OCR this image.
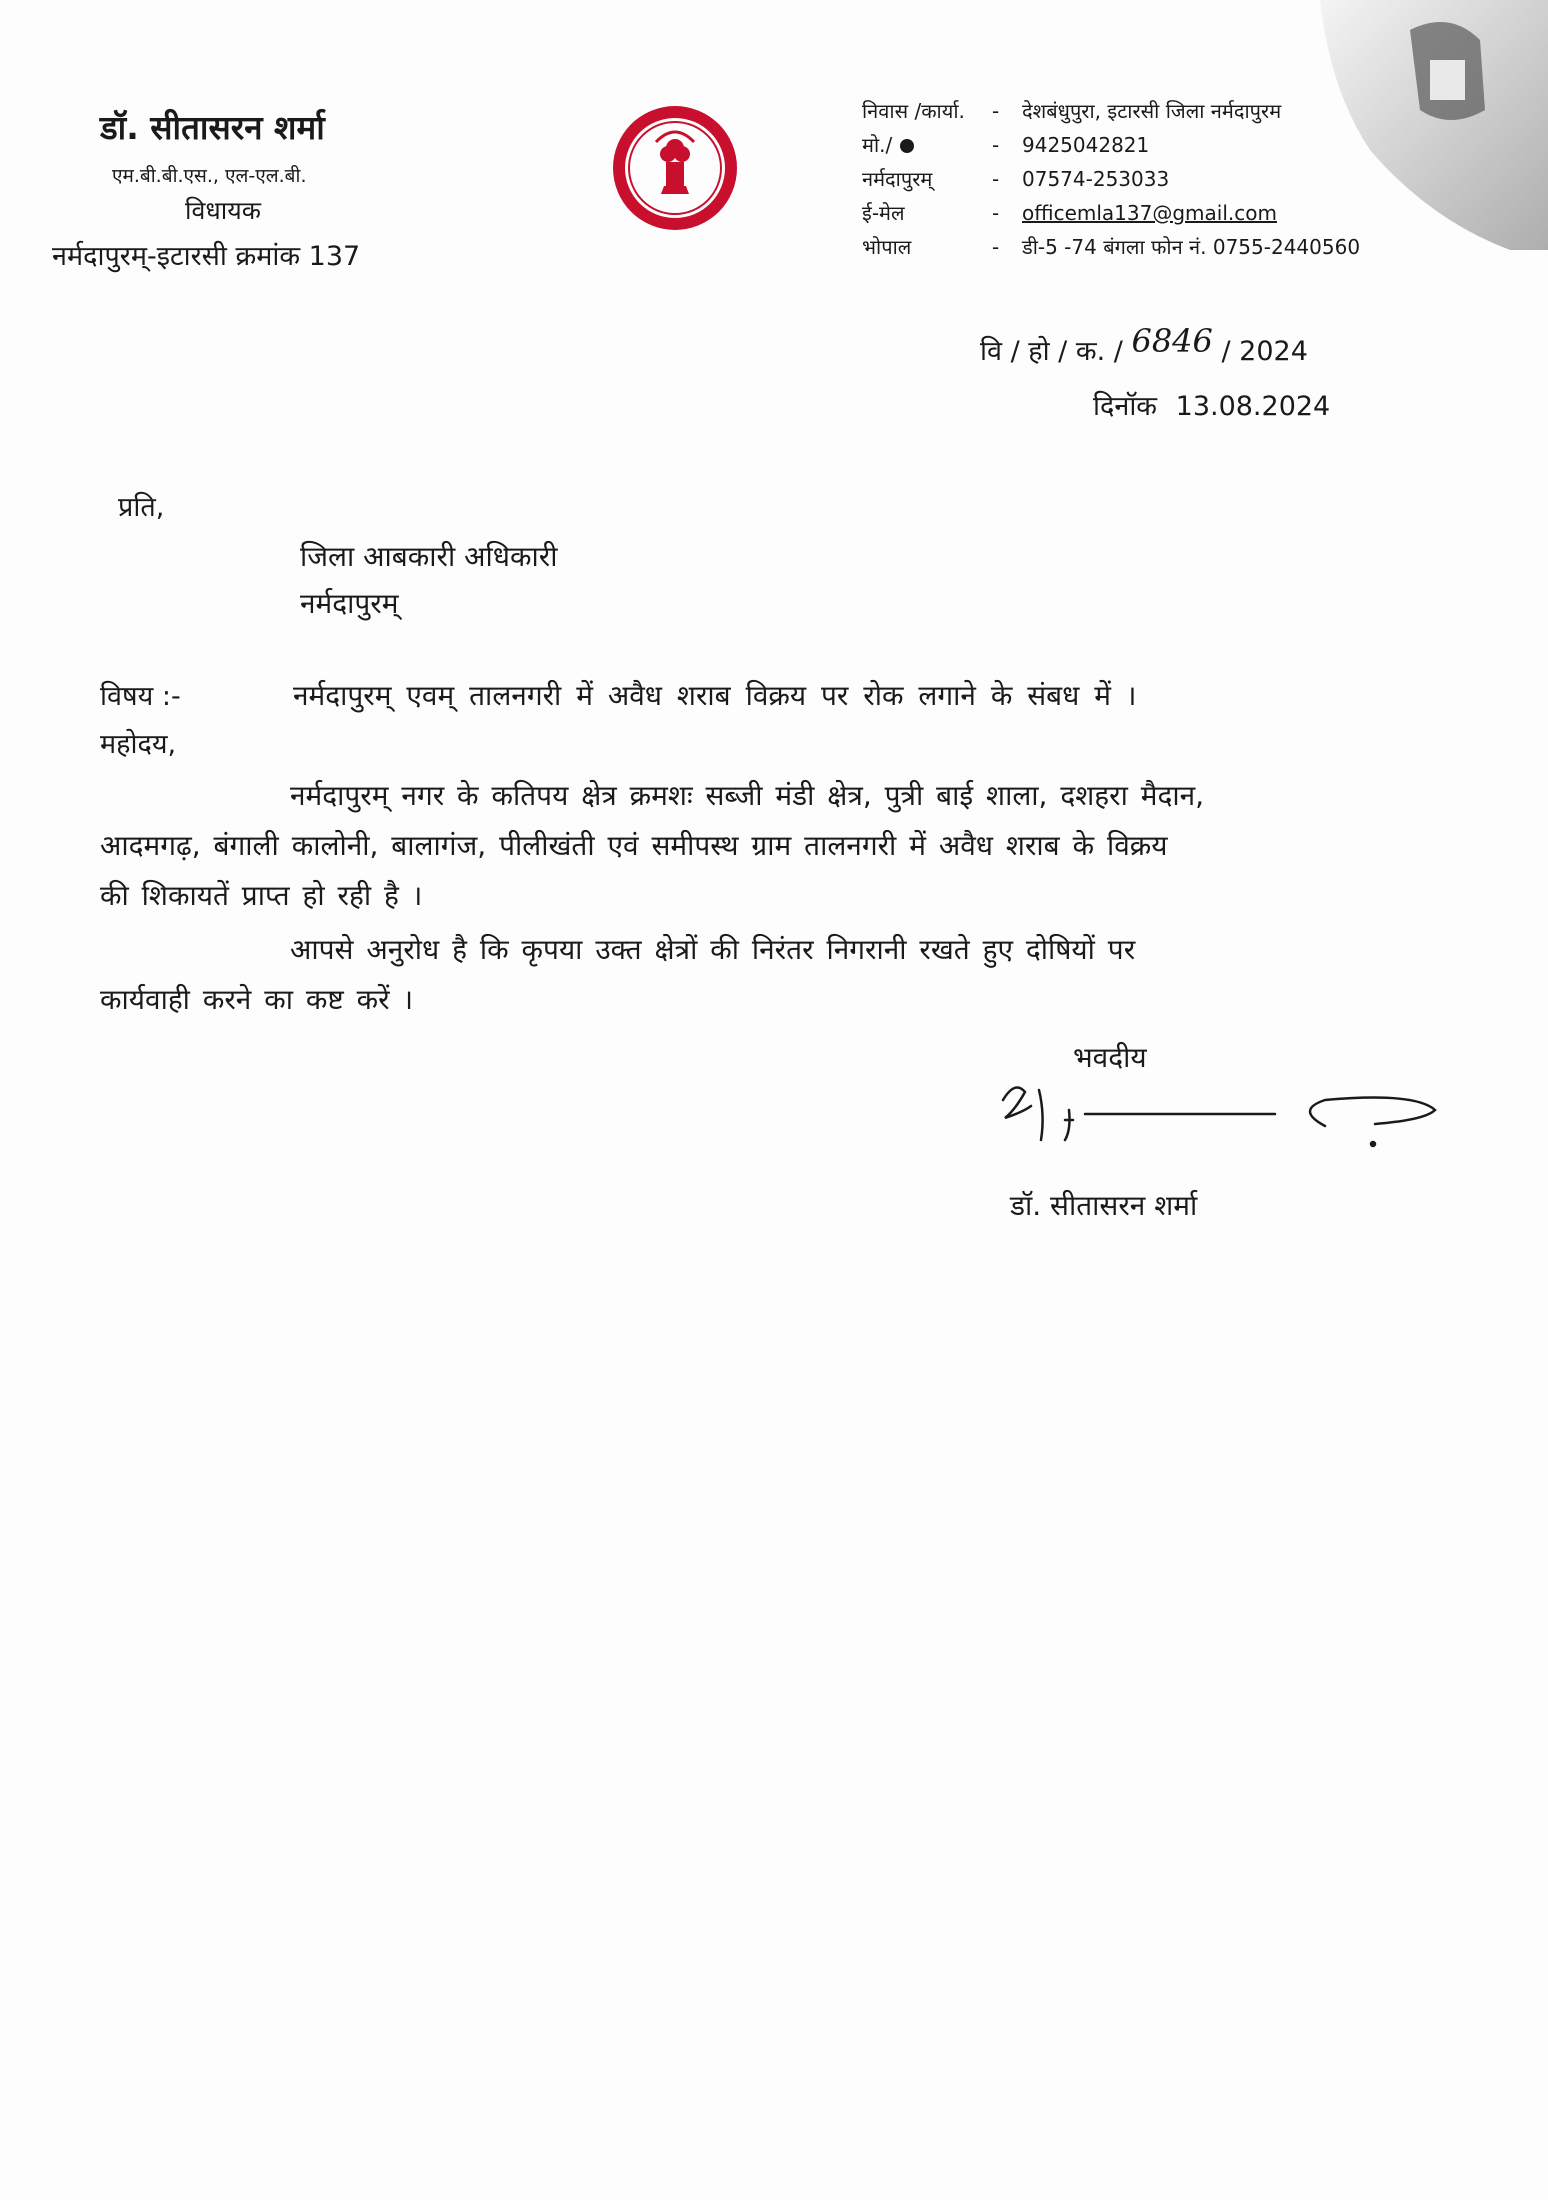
डॉ. सीतासरन शर्मा
एम.बी.बी.एस., एल-एल.बी.
विधायक
नर्मदापुरम्-इटारसी क्रमांक 137
निवास /कार्या.	-	देशबंधुपुरा, इटारसी जिला नर्मदापुरम
मो./	-	9425042821
नर्मदापुरम्	-	07574-253033
ई-मेल	-	officemla137@gmail.com
भोपाल	-	डी-5 -74 बंगला फोन नं. 0755-2440560
वि / हो / क. / 6846 / 2024
दिनॉक 13.08.2024
प्रति,
जिला आबकारी अधिकारी
नर्मदापुरम्
विषय :-	नर्मदापुरम् एवम् तालनगरी में अवैध शराब विक्रय पर रोक लगाने के संबध में ।
महोदय,
नर्मदापुरम् नगर के कतिपय क्षेत्र क्रमशः सब्जी मंडी क्षेत्र, पुत्री बाई शाला, दशहरा मैदान,
आदमगढ़, बंगाली कालोनी, बालागंज, पीलीखंती एवं समीपस्थ ग्राम तालनगरी में अवैध शराब के विक्रय
की शिकायतें प्राप्त हो रही है ।
आपसे अनुरोध है कि कृपया उक्त क्षेत्रों की निरंतर निगरानी रखते हुए दोषियों पर
कार्यवाही करने का कष्ट करें ।
भवदीय
डॉ. सीतासरन शर्मा
